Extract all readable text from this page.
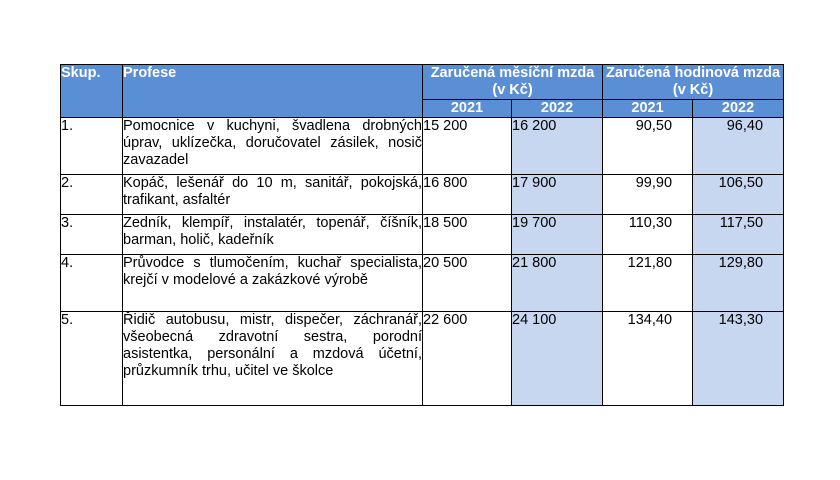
Skup.	Profese	Zaručená měsíční mzda (v Kč)		Zaručená hodinová mzda (v Kč)	
		2021	2022	2021	2022
1.	Pomocnice v kuchyni, švadlena drobných úprav, uklízečka, doručovatel zásilek, nosič zavazadel	15 200	16 200	90,50	96,40
2.	Kopáč, lešenář do 10 m, sanitář, pokojská, trafikant, asfaltér	16 800	17 900	99,90	106,50
3.	Zedník, klempíř, instalatér, topenář, číšník, barman, holič, kadeřník	18 500	19 700	110,30	117,50
4.	Průvodce s tlumočením, kuchař specialista, krejčí v modelové a zakázkové výrobě	20 500	21 800	121,80	129,80
5.	Řidič autobusu, mistr, dispečer, záchranář, všeobecná zdravotní sestra, porodní asistentka, personální a mzdová účetní, průzkumník trhu, učitel ve školce	22 600	24 100	134,40	143,30
